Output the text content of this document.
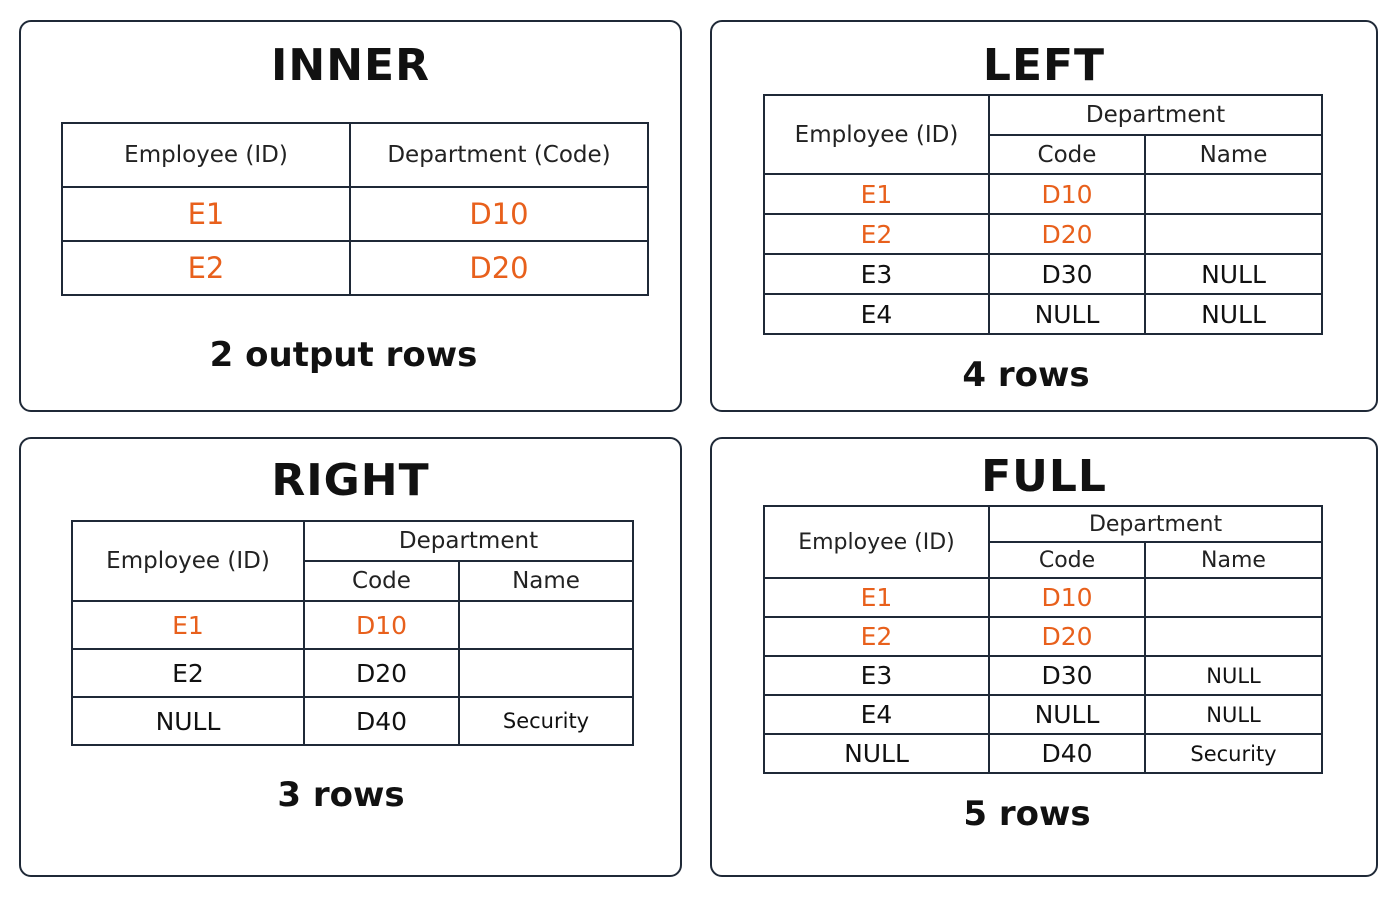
INNER
Employee (ID)	Department (Code)
E1	D10
E2	D20
2 output rows
LEFT
Employee (ID)	Department	
	Code	Name
E1	D10	
E2	D20	
E3	D30	NULL
E4	NULL	NULL
4 rows
RIGHT
Employee (ID)	Department	
	Code	Name
E1	D10	
E2	D20	
NULL	D40	Security
3 rows
FULL
Employee (ID)	Department	
	Code	Name
E1	D10	
E2	D20	
E3	D30	NULL
E4	NULL	NULL
NULL	D40	Security
5 rows
